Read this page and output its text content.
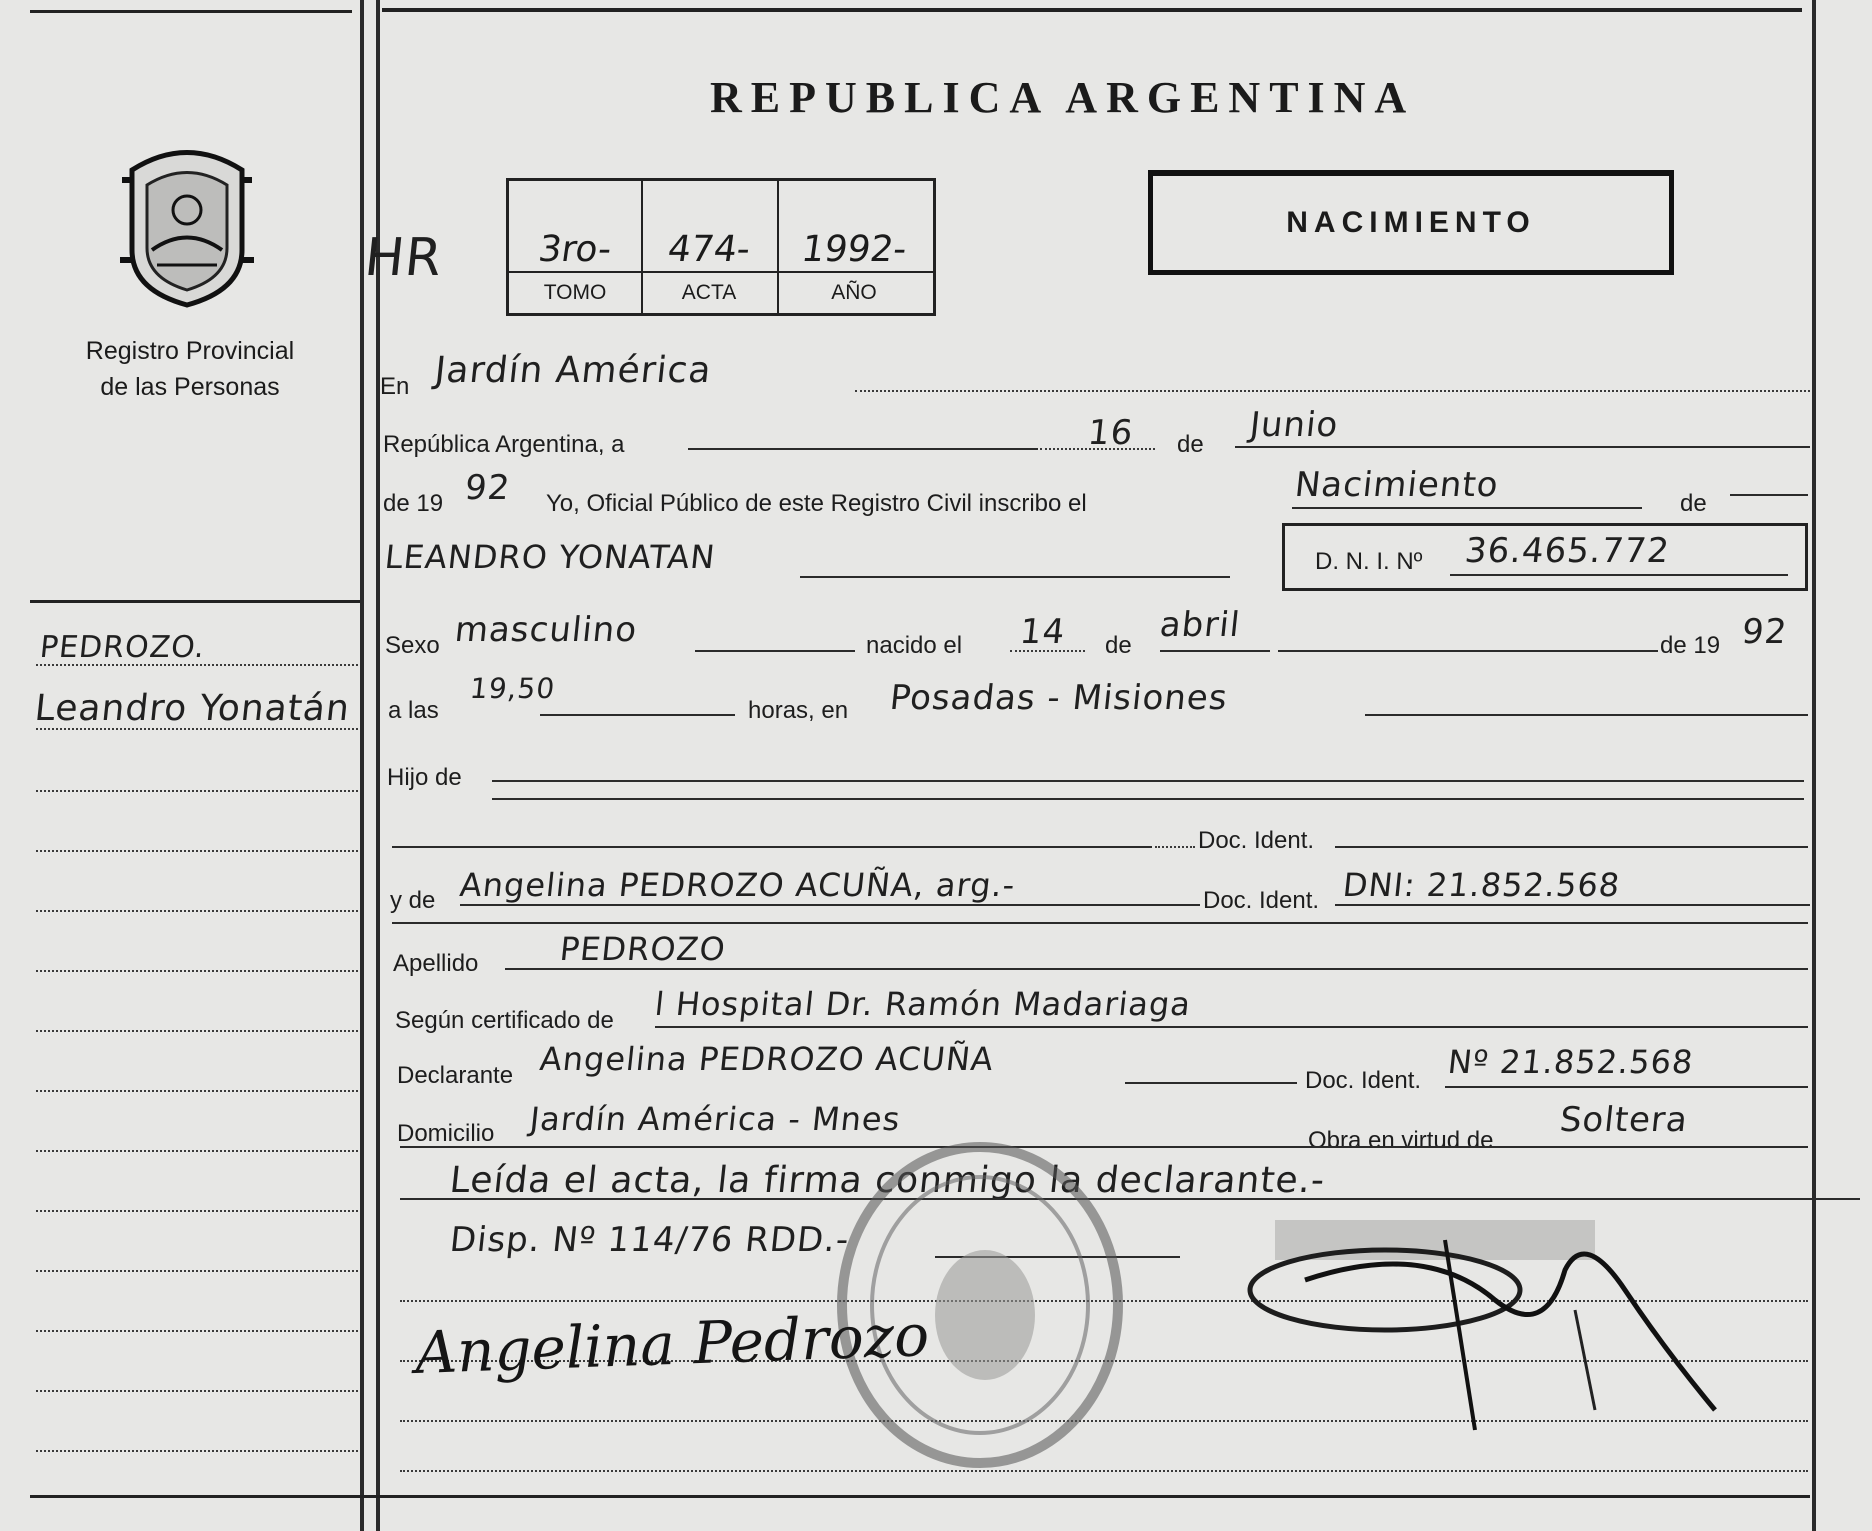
Registro Provincial
de las Personas
REPUBLICA ARGENTINA
3ro-	474-	1992-
TOMO	ACTA	AÑO
HR
NACIMIENTO
En Jardín América
República Argentina, a	16 de Junio
de 19 92 Yo, Oficial Público de este Registro Civil inscribo el	Nacimiento	de
LEANDRO YONATAN	D. N. I. Nº 36.465.772
PEDROZO.
Leandro Yonatán
Sexo masculino	nacido el 14 de
abril
de 19 92
a las
19,50
horas, en Posadas - Misiones
Hijo de
Doc. Ident.
y de Angelina PEDROZO ACUÑA, arg.-	Doc. Ident. DNI: 21.852.568
Apellido PEDROZO
Según certificado de l Hospital Dr. Ramón Madariaga
Declarante Angelina PEDROZO ACUÑA
Doc. Ident. Nº 21.852.568
Domicilio Jardín América - Mnes
Obra en virtud de
Soltera
Leída el acta, la firma conmigo la declarante.-
Disp. Nº 114/76 RDD.-
Angelina Pedrozo
